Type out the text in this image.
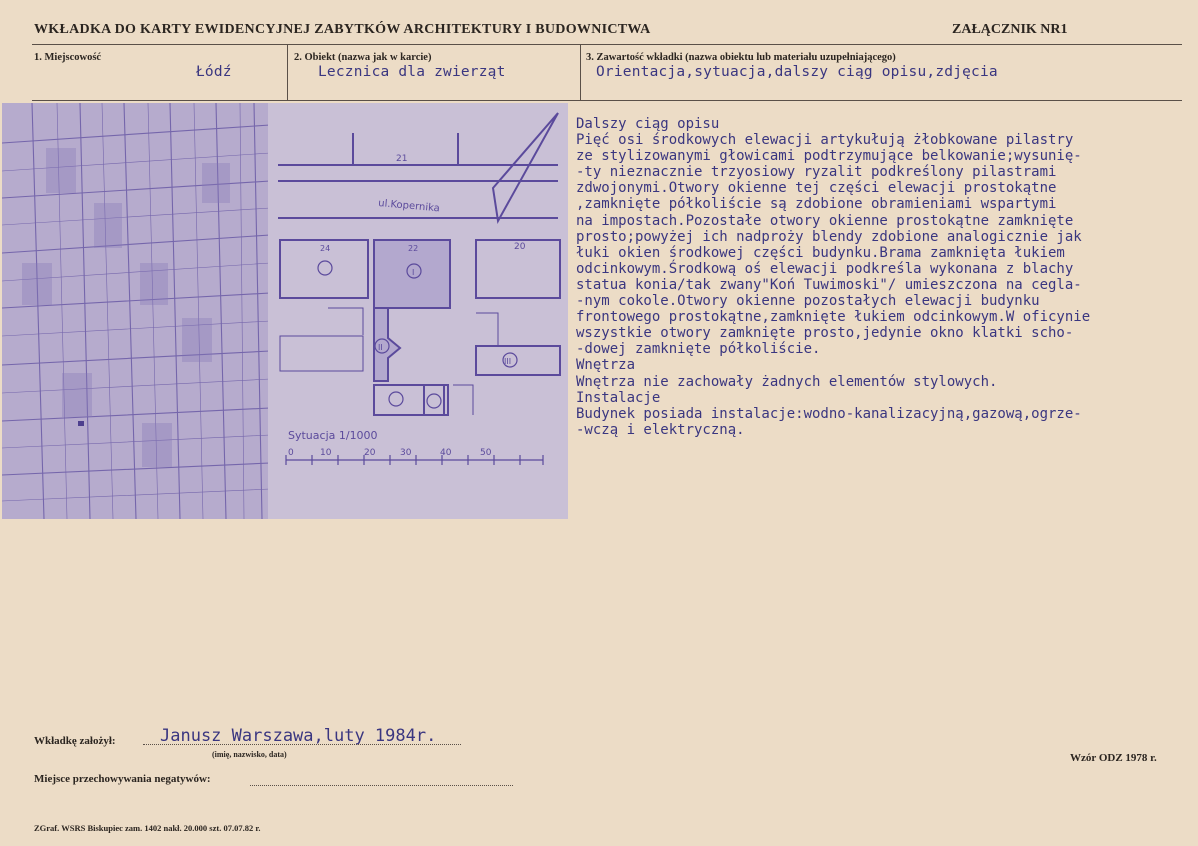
WKŁADKA DO KARTY EWIDENCYJNEJ ZABYTKÓW ARCHITEKTURY I BUDOWNICTWA	ZAŁĄCZNIK NR1
1. Miejscowość
Łódź
2. Obiekt (nazwa jak w karcie)
Lecznica dla zwierząt
3. Zawartość wkładki (nazwa obiektu lub materiału uzupełniającego)
Orientacja,sytuacja,dalszy ciąg opisu,zdjęcia
21
ul.Kopernika
24	22	20
I
II
III
Sytuacja 1/1000
0	10	20	30	40	50
Dalszy ciąg opisu
Pięć osi środkowych elewacji artykułują żłobkowane pilastry
ze stylizowanymi głowicami podtrzymujące belkowanie;wysunię-
-ty nieznacznie trzyosiowy ryzalit podkreślony pilastrami
zdwojonymi.Otwory okienne tej części elewacji prostokątne
,zamknięte półkoliście są zdobione obramieniami wspartymi
na impostach.Pozostałe otwory okienne prostokątne zamknięte
prosto;powyżej ich nadproży blendy zdobione analogicznie jak
łuki okien środkowej części budynku.Brama zamknięta łukiem
odcinkowym.Środkową oś elewacji podkreśla wykonana z blachy
statua konia/tak zwany"Koń Tuwimoski"/ umieszczona na cegla-
-nym cokole.Otwory okienne pozostałych elewacji budynku
frontowego prostokątne,zamknięte łukiem odcinkowym.W oficynie
wszystkie otwory zamknięte prosto,jedynie okno klatki scho-
-dowej zamknięte półkoliście.
Wnętrza
Wnętrza nie zachowały żadnych elementów stylowych.
Instalacje
Budynek posiada instalacje:wodno-kanalizacyjną,gazową,ogrze-
-wczą i elektryczną.
Wkładkę założył:	Janusz Warszawa,luty 1984r.
(imię, nazwisko, data)
Miejsce przechowywania negatywów:
Wzór ODZ 1978 r.
ZGraf. WSRS Biskupiec zam. 1402 nakł. 20.000 szt. 07.07.82 r.
